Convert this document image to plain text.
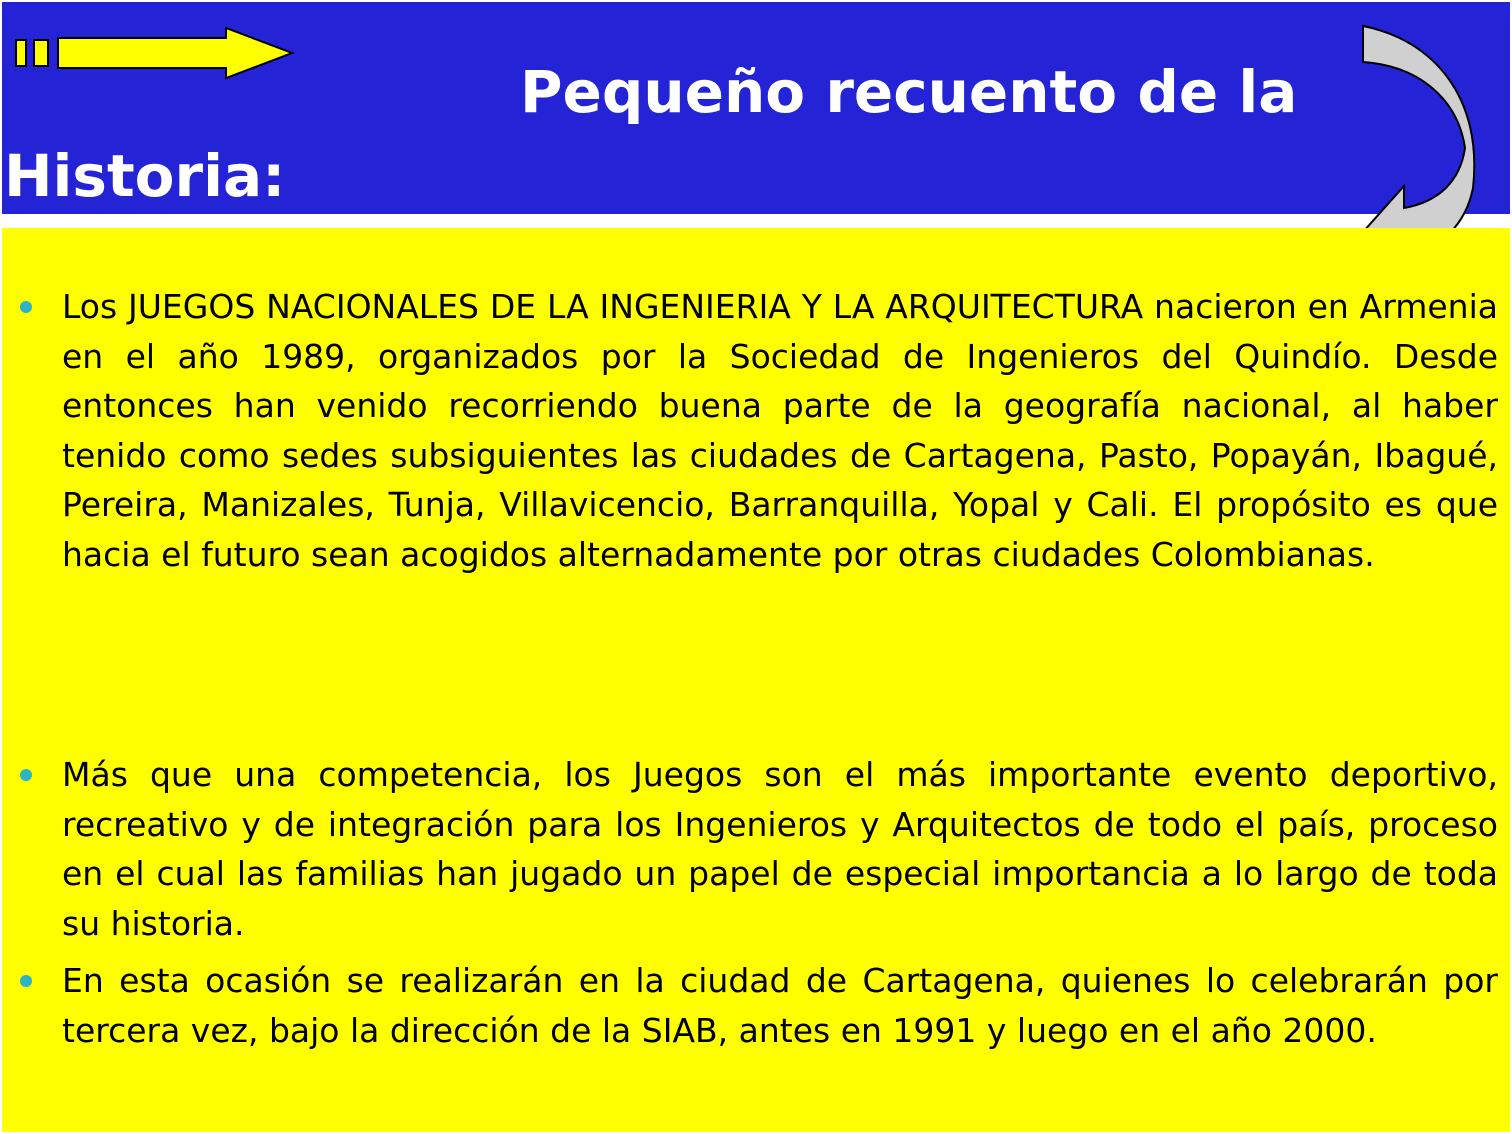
Pequeño recuento de la Historia:
Los JUEGOS NACIONALES DE LA INGENIERIA Y LA ARQUITECTURA nacieron en Armenia en el año 1989, organizados por la Sociedad de Ingenieros del Quindío. Desde entonces han venido recorriendo buena parte de la geografía nacional, al haber tenido como sedes subsiguientes las ciudades de Cartagena, Pasto, Popayán, Ibagué, Pereira, Manizales, Tunja, Villavicencio, Barranquilla, Yopal y Cali. El propósito es que hacia el futuro sean acogidos alternadamente por otras ciudades Colombianas.
Más que una competencia, los Juegos son el más importante evento deportivo, recreativo y de integración para los Ingenieros y Arquitectos de todo el país, proceso en el cual las familias han jugado un papel de especial importancia a lo largo de toda su historia.
En esta ocasión se realizarán en la ciudad de Cartagena, quienes lo celebrarán por tercera vez, bajo la dirección de la SIAB, antes en 1991 y luego en el año 2000.
